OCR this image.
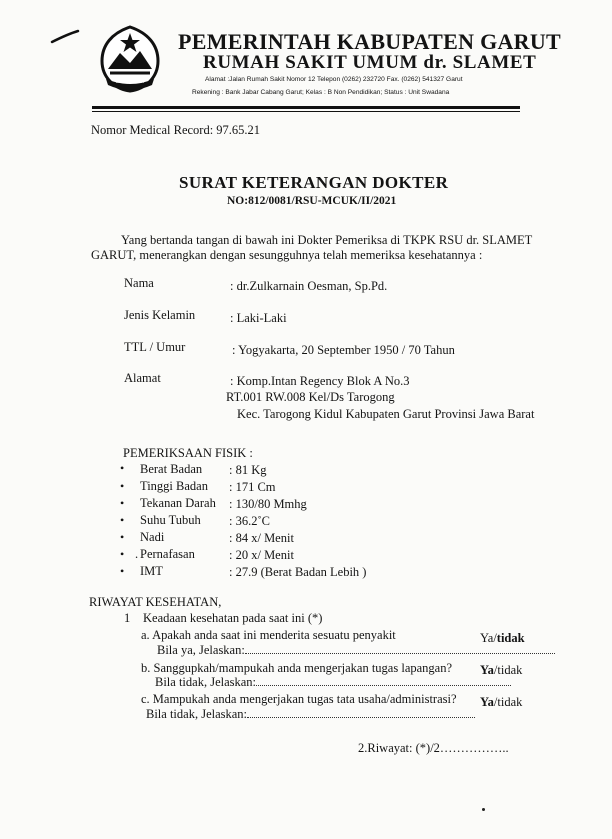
KABUPATEN GARUT
PEMERINTAH KABUPATEN GARUT
RUMAH SAKIT UMUM dr. SLAMET
Alamat :Jalan Rumah Sakit Nomor 12 Telepon (0262) 232720 Fax. (0262) 541327 Garut
Rekening : Bank Jabar Cabang Garut; Kelas : B Non Pendidikan; Status : Unit Swadana
Nomor Medical Record: 97.65.21
SURAT KETERANGAN DOKTER
NO:812/0081/RSU-MCUK/II/2021
Yang bertanda tangan di bawah ini Dokter Pemeriksa di TKPK RSU dr. SLAMET
GARUT, menerangkan dengan sesungguhnya telah memeriksa kesehatannya :
Nama	: dr.Zulkarnain Oesman, Sp.Pd.
Jenis Kelamin	: Laki-Laki
TTL / Umur	: Yogyakarta, 20 September 1950 / 70 Tahun
Alamat	: Komp.Intan Regency Blok A No.3
RT.001 RW.008 Kel/Ds Tarogong
Kec. Tarogong Kidul Kabupaten Garut Provinsi Jawa Barat
PEMERIKSAAN FISIK :
• Berat Badan : 81 Kg
• Tinggi Badan : 171 Cm
• Tekanan Darah : 130/80 Mmhg
• Suhu Tubuh : 36.2˚C
• Nadi	: 84 x/ Menit
• . Pernafasan	: 20 x/ Menit
• IMT	: 27.9 (Berat Badan Lebih )
RIWAYAT KESEHATAN,
1 Keadaan kesehatan pada saat ini (*)
a. Apakah anda saat ini menderita sesuatu penyakit	Ya/tidak
Bila ya, Jelaskan:
b. Sanggupkah/mampukah anda mengerjakan tugas lapangan? Ya/tidak
Bila tidak, Jelaskan:
c. Mampukah anda mengerjakan tugas tata usaha/administrasi? Ya/tidak
Bila tidak, Jelaskan:
2.Riwayat: (*)/2……………..
